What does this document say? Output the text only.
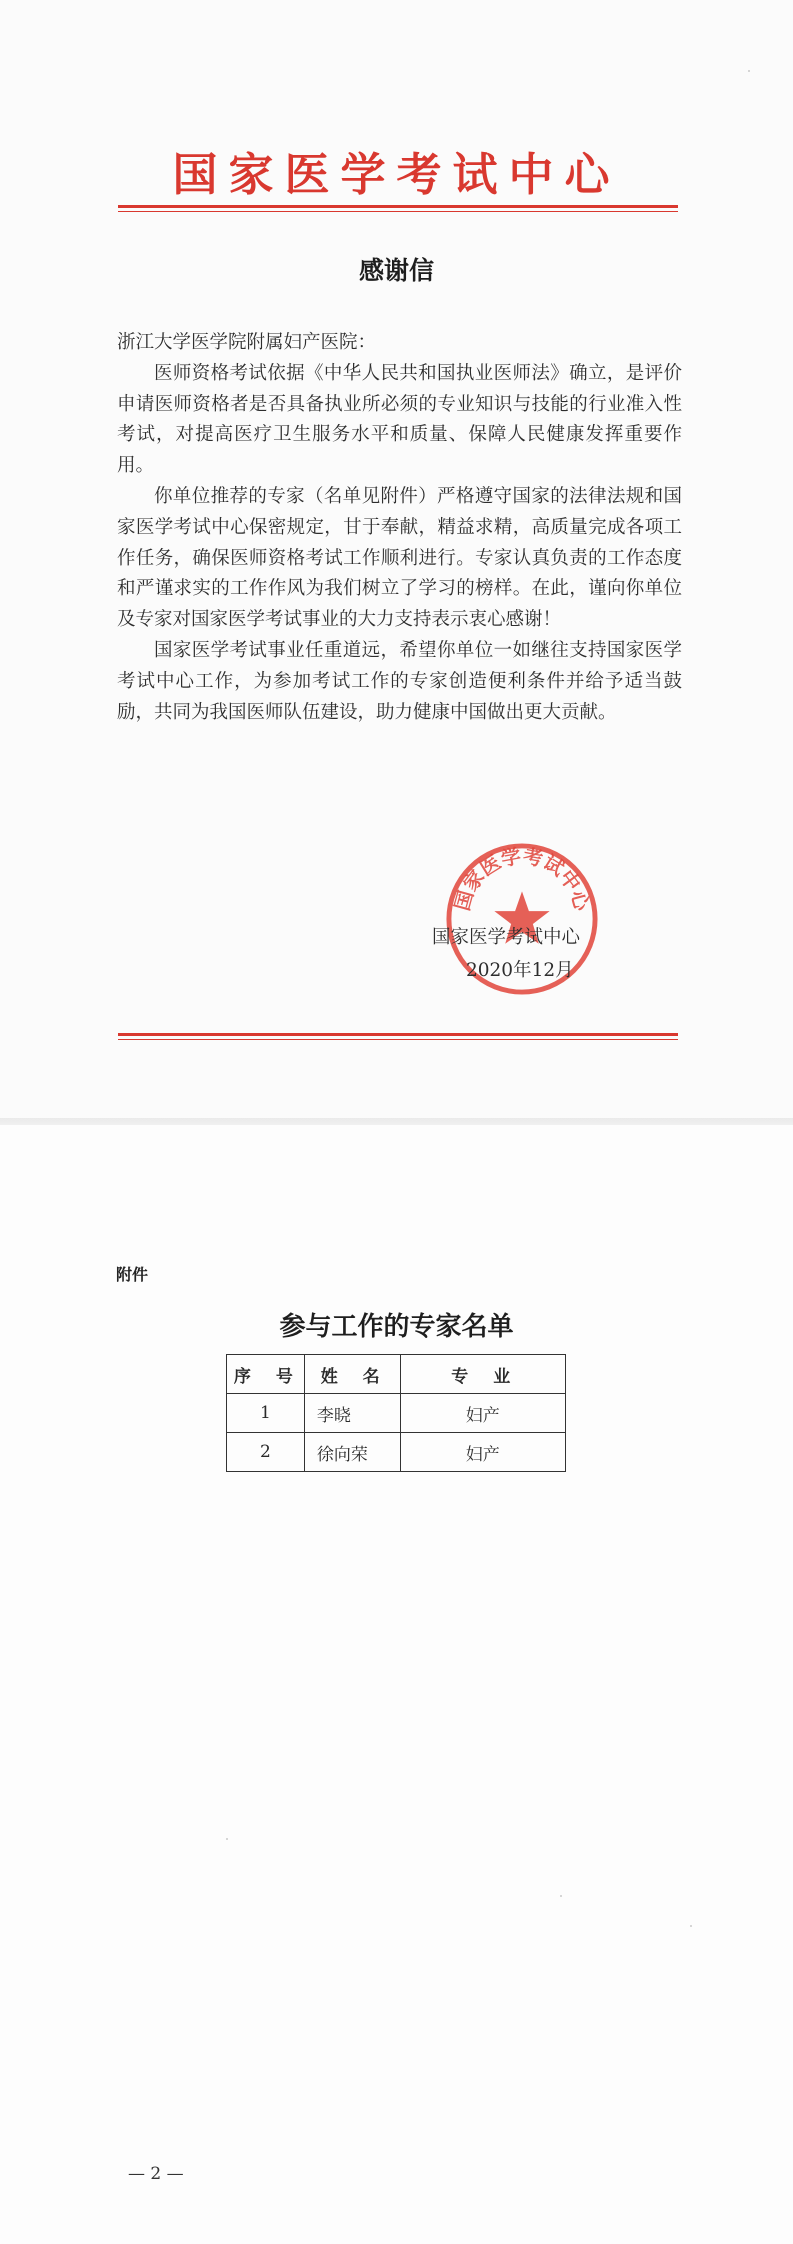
国家医学考试中心
感谢信

浙江大学医学院附属妇产医院：

医师资格考试依据《中华人民共和国执业医师法》确立，是评价申请医师资格者是否具备执业所必须的专业知识与技能的行业准入性考试，对提高医疗卫生服务水平和质量、保障人民健康发挥重要作用。

你单位推荐的专家（名单见附件）严格遵守国家的法律法规和国家医学考试中心保密规定，甘于奉献，精益求精，高质量完成各项工作任务，确保医师资格考试工作顺利进行。专家认真负责的工作态度和严谨求实的工作作风为我们树立了学习的榜样。在此，谨向你单位及专家对国家医学考试事业的大力支持表示衷心感谢！

国家医学考试事业任重道远，希望你单位一如继往支持国家医学考试中心工作，为参加考试工作的专家创造便利条件并给予适当鼓励，共同为我国医师队伍建设，助力健康中国做出更大贡献。

国家医学考试中心
国家医学考试中心
2020年12月
附件
参与工作的专家名单
序　号	姓　名	专　业
1	李晓	妇产
2	徐向荣	妇产
— 2 —
